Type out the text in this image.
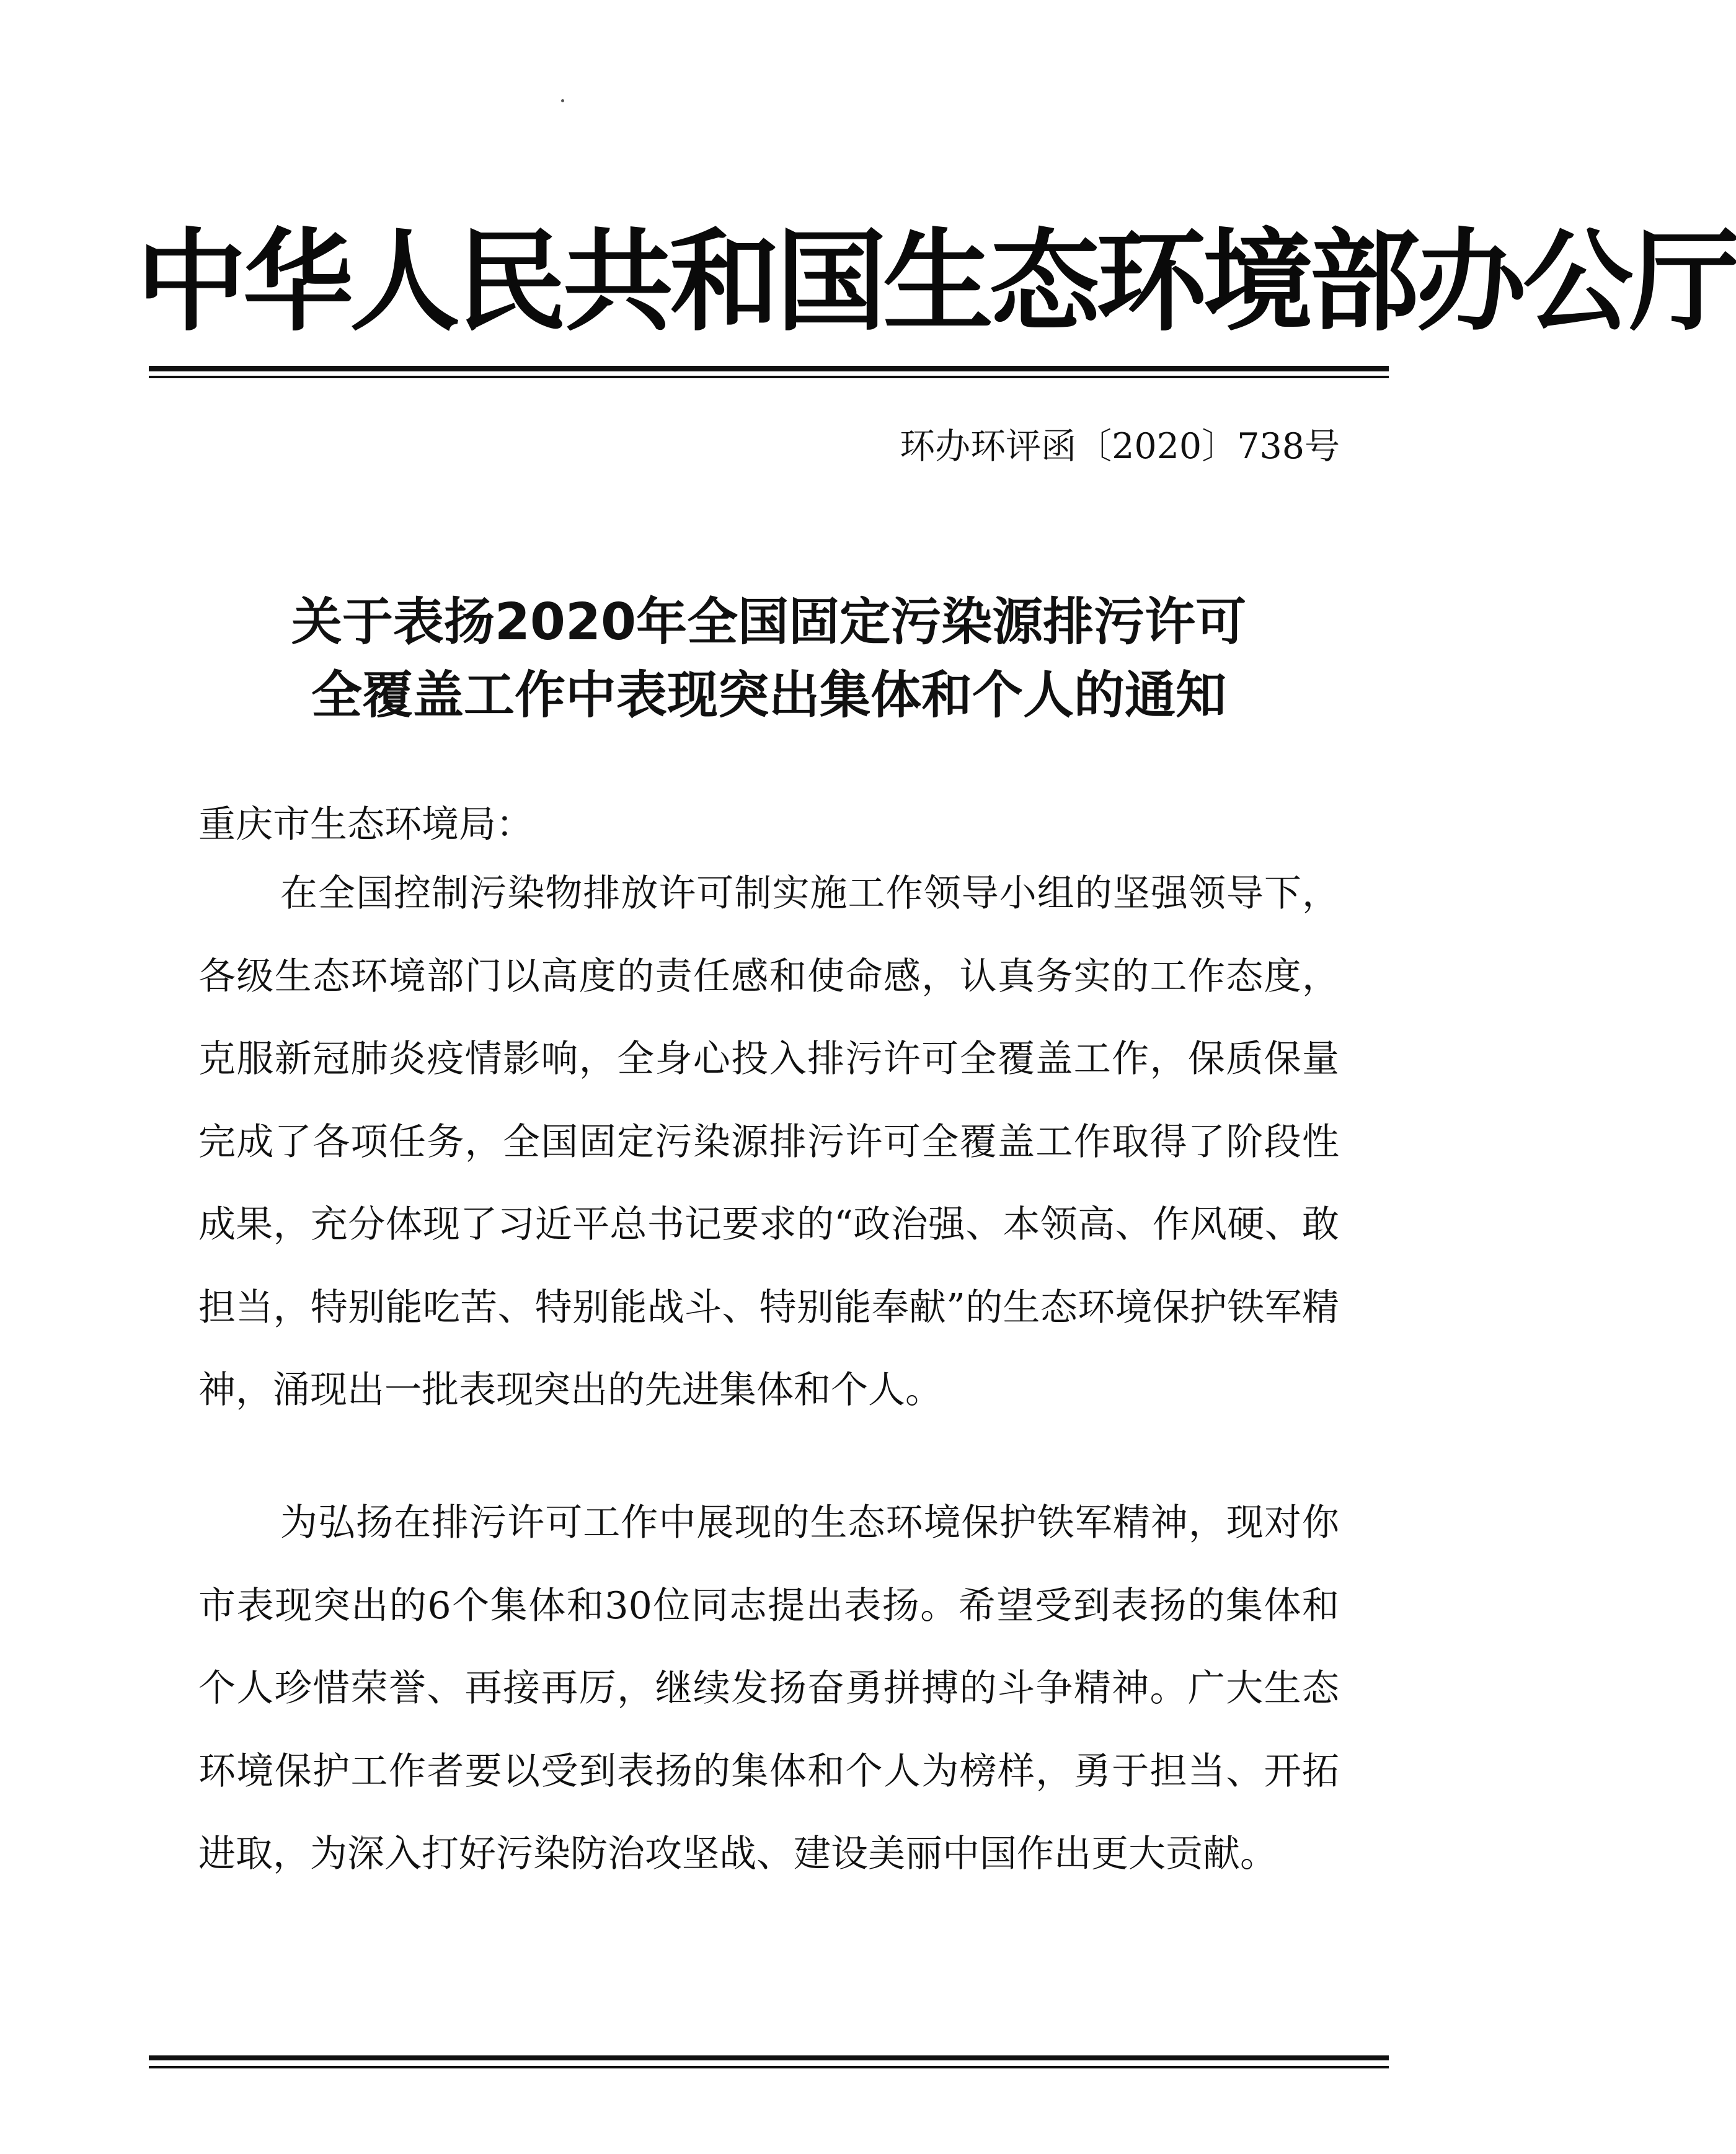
中华人民共和国生态环境部办公厅

环办环评函〔2020〕738号

关于表扬2020年全国固定污染源排污许可
全覆盖工作中表现突出集体和个人的通知

重庆市生态环境局：

在全国控制污染物排放许可制实施工作领导小组的坚强领导下，各级生态环境部门以高度的责任感和使命感，认真务实的工作态度，克服新冠肺炎疫情影响，全身心投入排污许可全覆盖工作，保质保量完成了各项任务，全国固定污染源排污许可全覆盖工作取得了阶段性成果，充分体现了习近平总书记要求的“政治强、本领高、作风硬、敢担当，特别能吃苦、特别能战斗、特别能奉献”的生态环境保护铁军精神，涌现出一批表现突出的先进集体和个人。

为弘扬在排污许可工作中展现的生态环境保护铁军精神，现对你市表现突出的6个集体和30位同志提出表扬。希望受到表扬的集体和个人珍惜荣誉、再接再厉，继续发扬奋勇拼搏的斗争精神。广大生态环境保护工作者要以受到表扬的集体和个人为榜样，勇于担当、开拓进取，为深入打好污染防治攻坚战、建设美丽中国作出更大贡献。
